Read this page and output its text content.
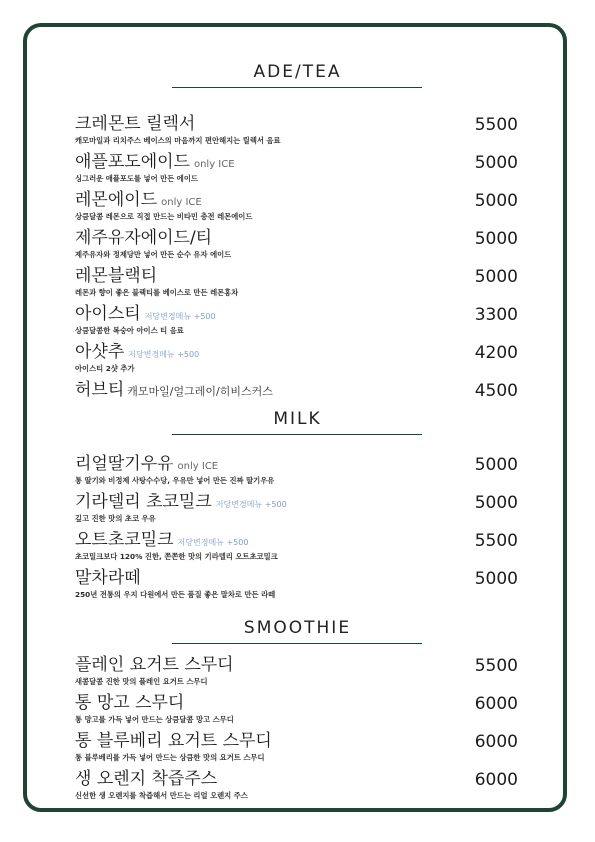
ADE/TEA
크레몬트 릴렉서
캐모마일과 리치주스 베이스의 마음까지 편안해지는 릴렉서 음료
5500
애플포도에이드 only ICE
싱그러운 애플포도를 넣어 만든 에이드
5000
레몬에이드 only ICE
상큼달콤 레몬으로 직접 만드는 비타민 충전 레몬에이드
5000
제주유자에이드/티
제주유자와 정제당만 넣어 만든 순수 유자 에이드
5000
레몬블랙티
레몬과 향이 좋은 블랙티를 베이스로 만든 레몬홍차
5000
아이스티 저당변경메뉴 +500
상큼달콤한 복숭아 아이스 티 음료
3300
아샷추 저당변경메뉴 +500
아이스티 2샷 추가
4200
허브티 캐모마일/얼그레이/히비스커스	4500
MILK
리얼딸기우유 only ICE
통 딸기와 비정제 사탕수수당, 우유만 넣어 만든 진짜 딸기우유
5000
기라델리 초코밀크 저당변경메뉴 +500
깊고 진한 맛의 초코 우유
5000
오트초코밀크 저당변경메뉴 +500
초코밀크보다 120% 진한, 쫀쫀한 맛의 기라델리 오트초코밀크
5500
말차라떼
250년 전통의 우지 다원에서 만든 품질 좋은 말차로 만든 라떼
5000
SMOOTHIE
플레인 요거트 스무디
새콤달콤 진한 맛의 플레인 요거트 스무디
5500
통 망고 스무디
통 망고를 가득 넣어 만드는 상큼달콤 망고 스무디
6000
통 블루베리 요거트 스무디
통 블루베리를 가득 넣어 만드는 상큼한 맛의 요거트 스무디
6000
생 오렌지 착즙주스
신선한 생 오렌지를 착즙해서 만드는 리얼 오렌지 주스
6000
